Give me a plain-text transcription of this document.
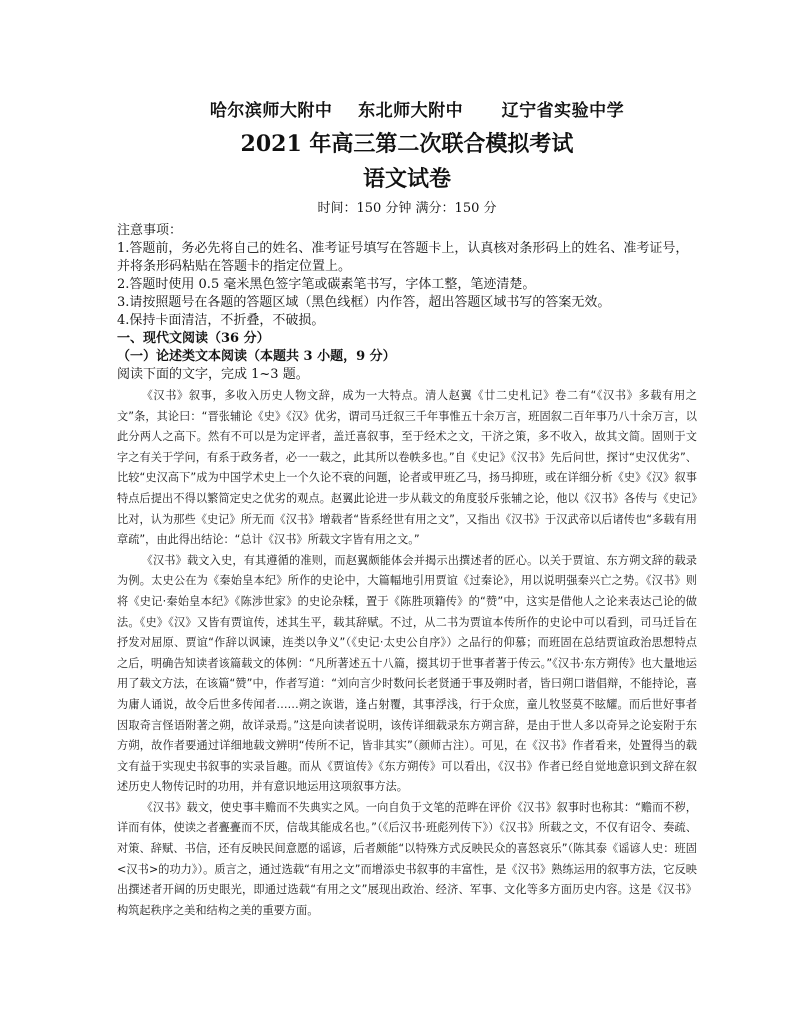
哈尔滨师大附中    东北师大附中      辽宁省实验中学
2021 年高三第二次联合模拟考试
语文试卷
时间：150 分钟 满分：150 分
注意事项：
1.答题前，务必先将自己的姓名、准考证号填写在答题卡上，认真核对条形码上的姓名、准考证号，并将条形码粘贴在答题卡的指定位置上。
2.答题时使用 0.5 毫米黑色签字笔或碳素笔书写，字体工整，笔迹清楚。
3.请按照题号在各题的答题区域（黑色线框）内作答，超出答题区域书写的答案无效。
4.保持卡面清洁，不折叠，不破损。
一、现代文阅读（36 分）
（一）论述类文本阅读（本题共 3 小题，9 分）
阅读下面的文字，完成 1~3 题。

《汉书》叙事，多收入历史人物文辞，成为一大特点。清人赵翼《廿二史札记》卷二有“《汉书》多载有用之文”条，其论曰：“晋张辅论《史》《汉》优劣，谓司马迁叙三千年事惟五十余万言，班固叙二百年事乃八十余万言，以此分两人之高下。然有不可以是为定评者，盖迁喜叙事，至于经术之文，干济之策，多不收入，故其文简。固则于文字之有关于学问，有系于政务者，必一一载之，此其所以卷帙多也。”自《史记》《汉书》先后问世，探讨“史汉优劣”、比较“史汉高下”成为中国学术史上一个久论不衰的问题，论者或甲班乙马，扬马抑班，或在详细分析《史》《汉》叙事特点后提出不得以繁简定史之优劣的观点。赵翼此论进一步从载文的角度驳斥张辅之论，他以《汉书》各传与《史记》比对，认为那些《史记》所无而《汉书》增载者“皆系经世有用之文”，又指出《汉书》于汉武帝以后诸传也“多载有用章疏”，由此得出结论：“总计《汉书》所载文字皆有用之文。”

《汉书》载文入史，有其遵循的准则，而赵翼颇能体会并揭示出撰述者的匠心。以关于贾谊、东方朔文辞的载录为例。太史公在为《秦始皇本纪》所作的史论中，大篇幅地引用贾谊《过秦论》，用以说明强秦兴亡之势。《汉书》则将《史记·秦始皇本纪》《陈涉世家》的史论杂糅，置于《陈胜项籍传》的“赞”中，这实是借他人之论来表达己论的做法。《史》《汉》又皆有贾谊传，述其生平，载其辞赋。不过，从二书为贾谊本传所作的史论中可以看到，司马迁旨在抒发对屈原、贾谊“作辞以讽谏，连类以争义”（《史记·太史公自序》）之品行的仰慕；而班固在总结贾谊政治思想特点之后，明确告知读者该篇载文的体例：“凡所著述五十八篇，掇其切于世事者著于传云。”《汉书·东方朔传》也大量地运用了载文方法，在该篇“赞”中，作者写道：“刘向言少时数问长老贤通于事及朔时者，皆曰朔口谐倡辩，不能持论，喜为庸人诵说，故令后世多传闻者……朔之诙谐，逢占射覆，其事浮浅，行于众庶，童儿牧竖莫不眩耀。而后世好事者因取奇言怪语附著之朔，故详录焉。”这是向读者说明，该传详细载录东方朔言辞，是由于世人多以奇异之论妄附于东方朔，故作者要通过详细地载文辨明“传所不记，皆非其实”（颜师古注）。可见，在《汉书》作者看来，处置得当的载文有益于实现史书叙事的实录旨趣。而从《贾谊传》《东方朔传》可以看出，《汉书》作者已经自觉地意识到文辞在叙述历史人物传记时的功用，并有意识地运用这项叙事方法。

《汉书》载文，使史事丰赡而不失典实之风。一向自负于文笔的范晔在评价《汉书》叙事时也称其：“赡而不秽，详而有体，使读之者亹亹而不厌，信哉其能成名也。”（《后汉书·班彪列传下》）《汉书》所载之文，不仅有诏令、奏疏、对策、辞赋、书信，还有反映民间意愿的谣谚，后者颇能“以特殊方式反映民众的喜怒哀乐”（陈其泰《谣谚人史：班固<汉书>的功力》）。质言之，通过选载“有用之文”而增添史书叙事的丰富性，是《汉书》熟练运用的叙事方法，它反映出撰述者开阔的历史眼光，即通过选载“有用之文”展现出政治、经济、军事、文化等多方面历史内容。这是《汉书》构筑起秩序之美和结构之美的重要方面。
